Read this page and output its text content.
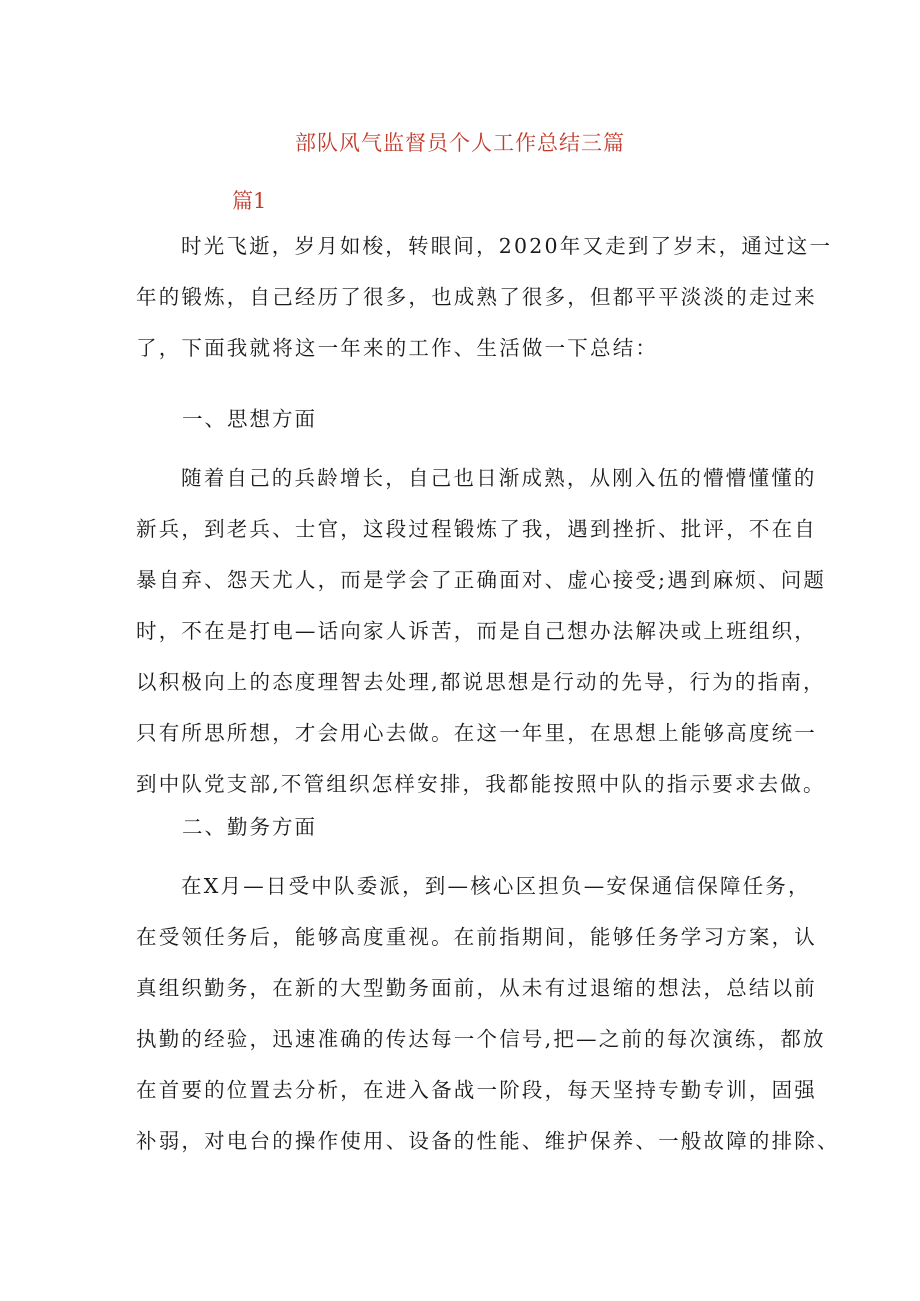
部队风气监督员个人工作总结三篇
篇1
时光飞逝，岁月如梭，转眼间，2020年又走到了岁末，通过这一
年的锻炼，自己经历了很多，也成熟了很多，但都平平淡淡的走过来
了，下面我就将这一年来的工作、生活做一下总结：
一、思想方面
随着自己的兵龄增长，自己也日渐成熟，从刚入伍的懵懵懂懂的
新兵，到老兵、士官，这段过程锻炼了我，遇到挫折、批评，不在自
暴自弃、怨天尤人，而是学会了正确面对、虚心接受;遇到麻烦、问题
时，不在是打电—话向家人诉苦，而是自己想办法解决或上班组织，
以积极向上的态度理智去处理,都说思想是行动的先导，行为的指南，
只有所思所想，才会用心去做。在这一年里，在思想上能够高度统一
到中队党支部,不管组织怎样安排，我都能按照中队的指示要求去做。
二、勤务方面
在X月—日受中队委派，到—核心区担负—安保通信保障任务，
在受领任务后，能够高度重视。在前指期间，能够任务学习方案，认
真组织勤务，在新的大型勤务面前，从未有过退缩的想法，总结以前
执勤的经验，迅速准确的传达每一个信号,把—之前的每次演练，都放
在首要的位置去分析，在进入备战一阶段，每天坚持专勤专训，固强
补弱，对电台的操作使用、设备的性能、维护保养、一般故障的排除、
